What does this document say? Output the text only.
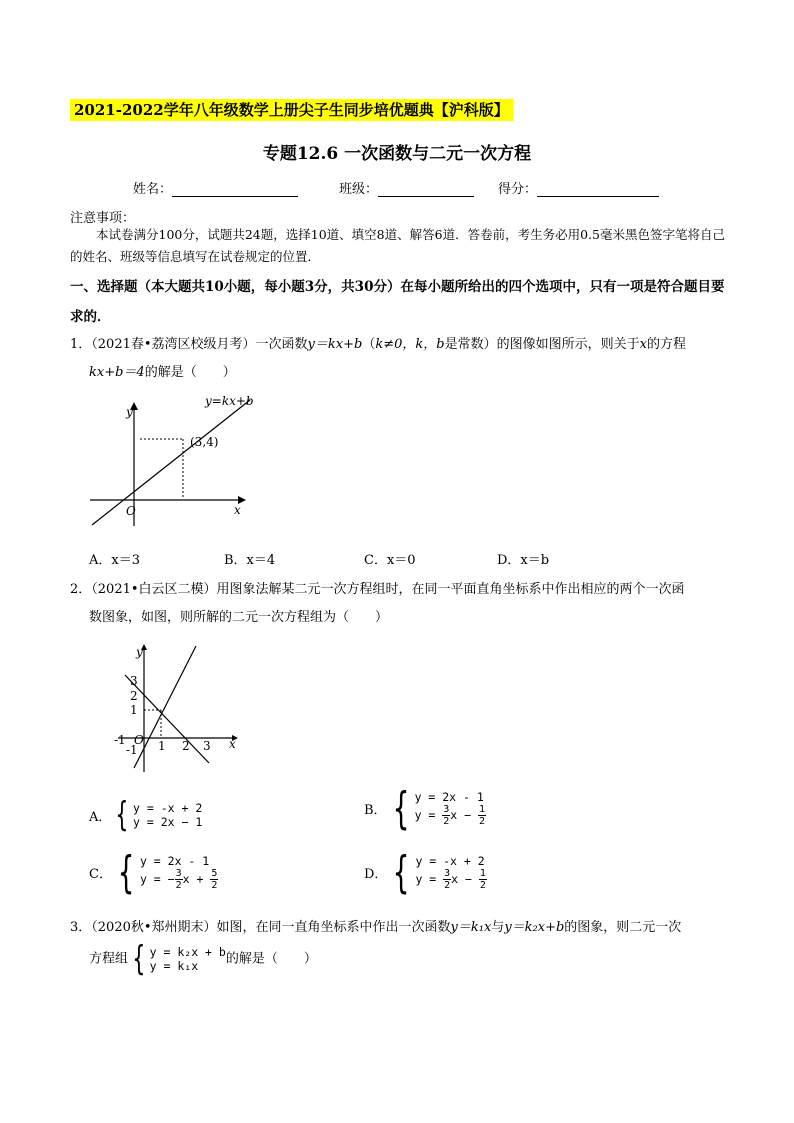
2021-2022学年八年级数学上册尖子生同步培优题典【沪科版】
专题12.6 一次函数与二元一次方程
姓名：	班级：	得分：
注意事项：
本试卷满分100分，试题共24题，选择10道、填空8道、解答6道．答卷前，考生务必用0.5毫米黑色签字笔将自己的姓名、班级等信息填写在试卷规定的位置．
一、选择题（本大题共10小题，每小题3分，共30分）在每小题所给出的四个选项中，只有一项是符合题目要求的．
1．（2021春•荔湾区校级月考）一次函数y＝kx+b（k≠0，k，b是常数）的图像如图所示，则关于x的方程
kx+b＝4的解是（　　）
y=kx+b
(3,4)
y
x
O
A．x＝3	B．x＝4	C．x＝0	D．x＝b
2．（2021•白云区二模）用图象法解某二元一次方程组时，在同一平面直角坐标系中作出相应的两个一次函
数图象，如图，则所解的二元一次方程组为（　　）
3
2
1
-1
-1	1 2 3
y
x
O
A． { y = -x + 2
y = 2x − 1
B． { y = 2x - 1
$y = \frac{3}{2}$ $x - \frac{1}{2}$
C． { y = 2x - 1
y = − $\frac{3}{2}$ $x + \frac{5}{2}$	D． { y = -x + 2
$y = \frac{3}{2}$ $x - \frac{1}{2}$
3．（2020秋•郑州期末）如图，在同一直角坐标系中作出一次函数y＝k₁x与y＝k₂x+b的图象，则二元一次
方程组 { y = k₂x + b
y = k₁x	的解是（　　）
